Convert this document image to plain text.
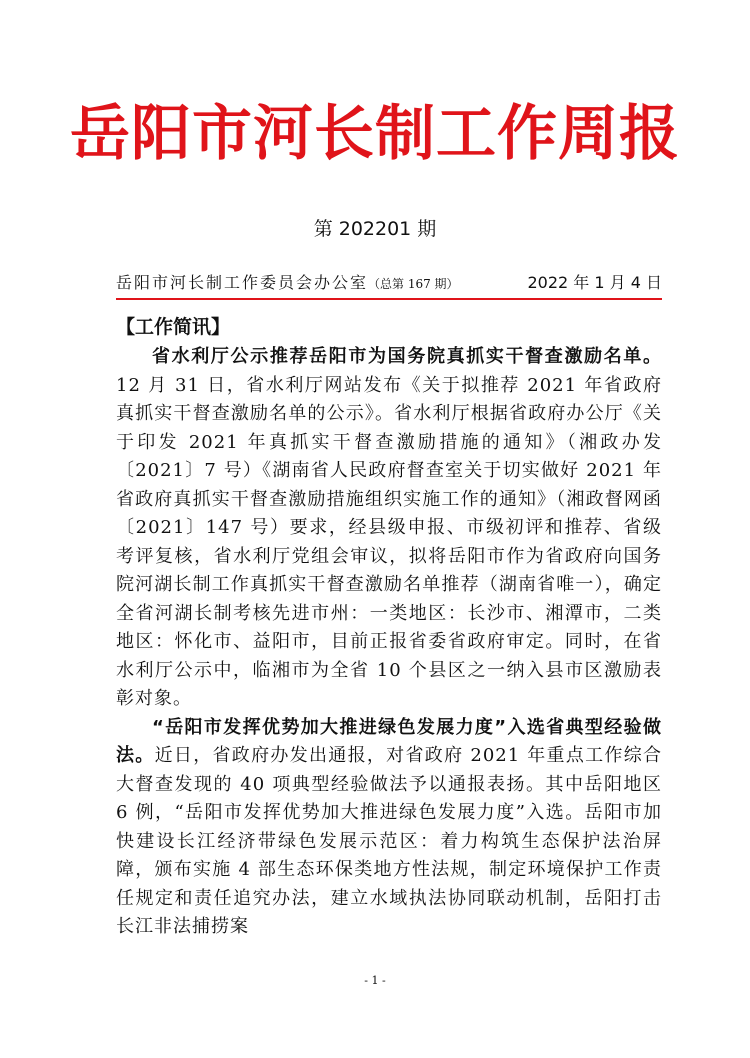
岳阳市河长制工作周报
第 202201 期
岳阳市河长制工作委员会办公室（总第 167 期）	2022 年 1 月 4 日
【工作简讯】

省水利厅公示推荐岳阳市为国务院真抓实干督查激励名单。12 月 31 日，省水利厅网站发布《关于拟推荐 2021 年省政府真抓实干督查激励名单的公示》。省水利厅根据省政府办公厅《关于印发 2021 年真抓实干督查激励措施的通知》（湘政办发〔2021〕7 号）《湖南省人民政府督查室关于切实做好 2021 年省政府真抓实干督查激励措施组织实施工作的通知》（湘政督网函〔2021〕147 号）要求，经县级申报、市级初评和推荐、省级考评复核，省水利厅党组会审议，拟将岳阳市作为省政府向国务院河湖长制工作真抓实干督查激励名单推荐（湖南省唯一），确定全省河湖长制考核先进市州：一类地区：长沙市、湘潭市，二类地区：怀化市、益阳市，目前正报省委省政府审定。同时，在省水利厅公示中，临湘市为全省 10 个县区之一纳入县市区激励表彰对象。

“岳阳市发挥优势加大推进绿色发展力度”入选省典型经验做法。近日，省政府办发出通报，对省政府 2021 年重点工作综合大督查发现的 40 项典型经验做法予以通报表扬。其中岳阳地区 6 例，“岳阳市发挥优势加大推进绿色发展力度”入选。岳阳市加快建设长江经济带绿色发展示范区：着力构筑生态保护法治屏障，颁布实施 4 部生态环保类地方性法规，制定环境保护工作责任规定和责任追究办法，建立水域执法协同联动机制，岳阳打击长江非法捕捞案

- 1 -
